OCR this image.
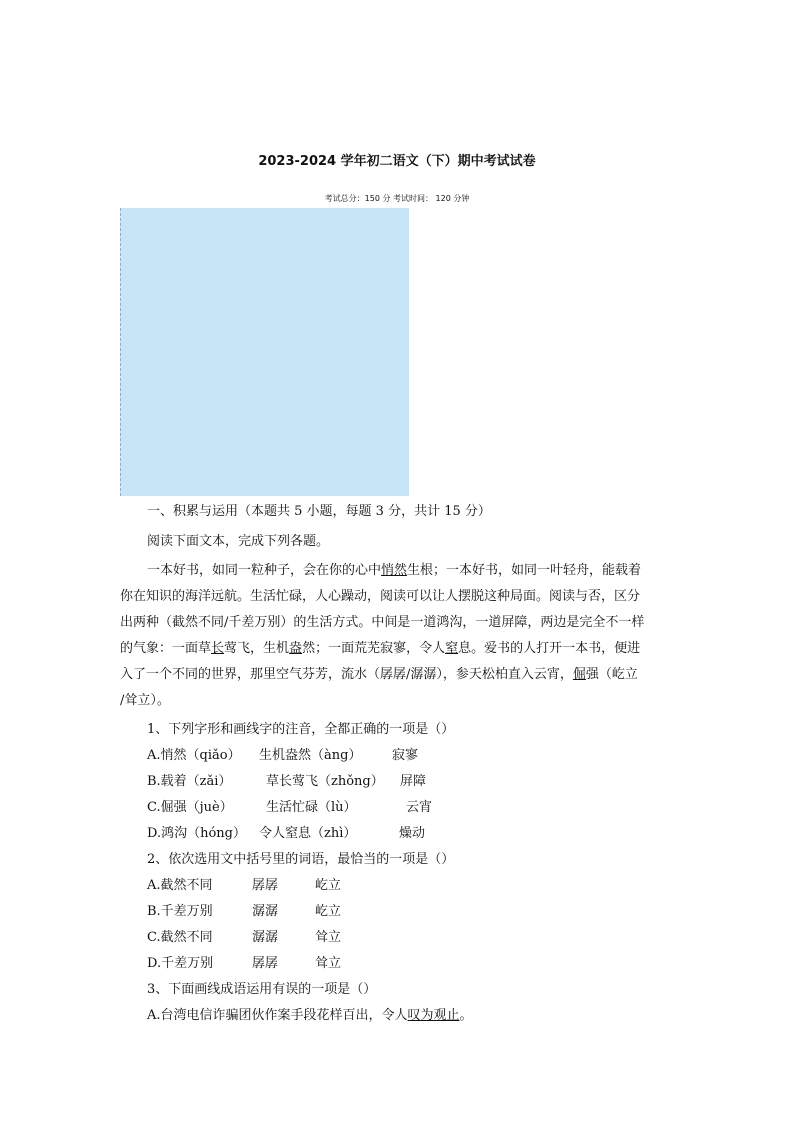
2023-2024 学年初二语文（下）期中考试试卷
考试总分：150 分 考试时间： 120 分钟
一、积累与运用（本题共 5 小题，每题 3 分，共计 15 分）
阅读下面文本，完成下列各题。
一本好书，如同一粒种子，会在你的心中悄然生根；一本好书，如同一叶轻舟，能载着
你在知识的海洋远航。生活忙碌，人心躁动，阅读可以让人摆脱这种局面。阅读与否，区分
出两种（截然不同/千差万别）的生活方式。中间是一道鸿沟，一道屏障，两边是完全不一样
的气象：一面草长莺飞，生机盎然；一面荒芜寂寥，令人窒息。爱书的人打开一本书，便进
入了一个不同的世界，那里空气芬芳，流水（孱孱/潺潺），参天松柏直入云宵，倔强（屹立
/耸立）。
1、下列字形和画线字的注音，全都正确的一项是（）
A.悄然（qiǎo） 生机盎然（àng） 寂寥
B.载着（zǎi）	草长莺飞（zhǒng） 屏障
C.倔强（juè）	生活忙碌（lù）	云宵
D.鸿沟（hóng） 令人窒息（zhì）	燥动
2、依次选用文中括号里的词语，最恰当的一项是（）
A.截然不同	孱孱	屹立
B.千差万别	潺潺	屹立
C.截然不同	潺潺	耸立
D.千差万别	孱孱	耸立
3、下面画线成语运用有误的一项是（）
A.台湾电信诈骗团伙作案手段花样百出，令人叹为观止。
